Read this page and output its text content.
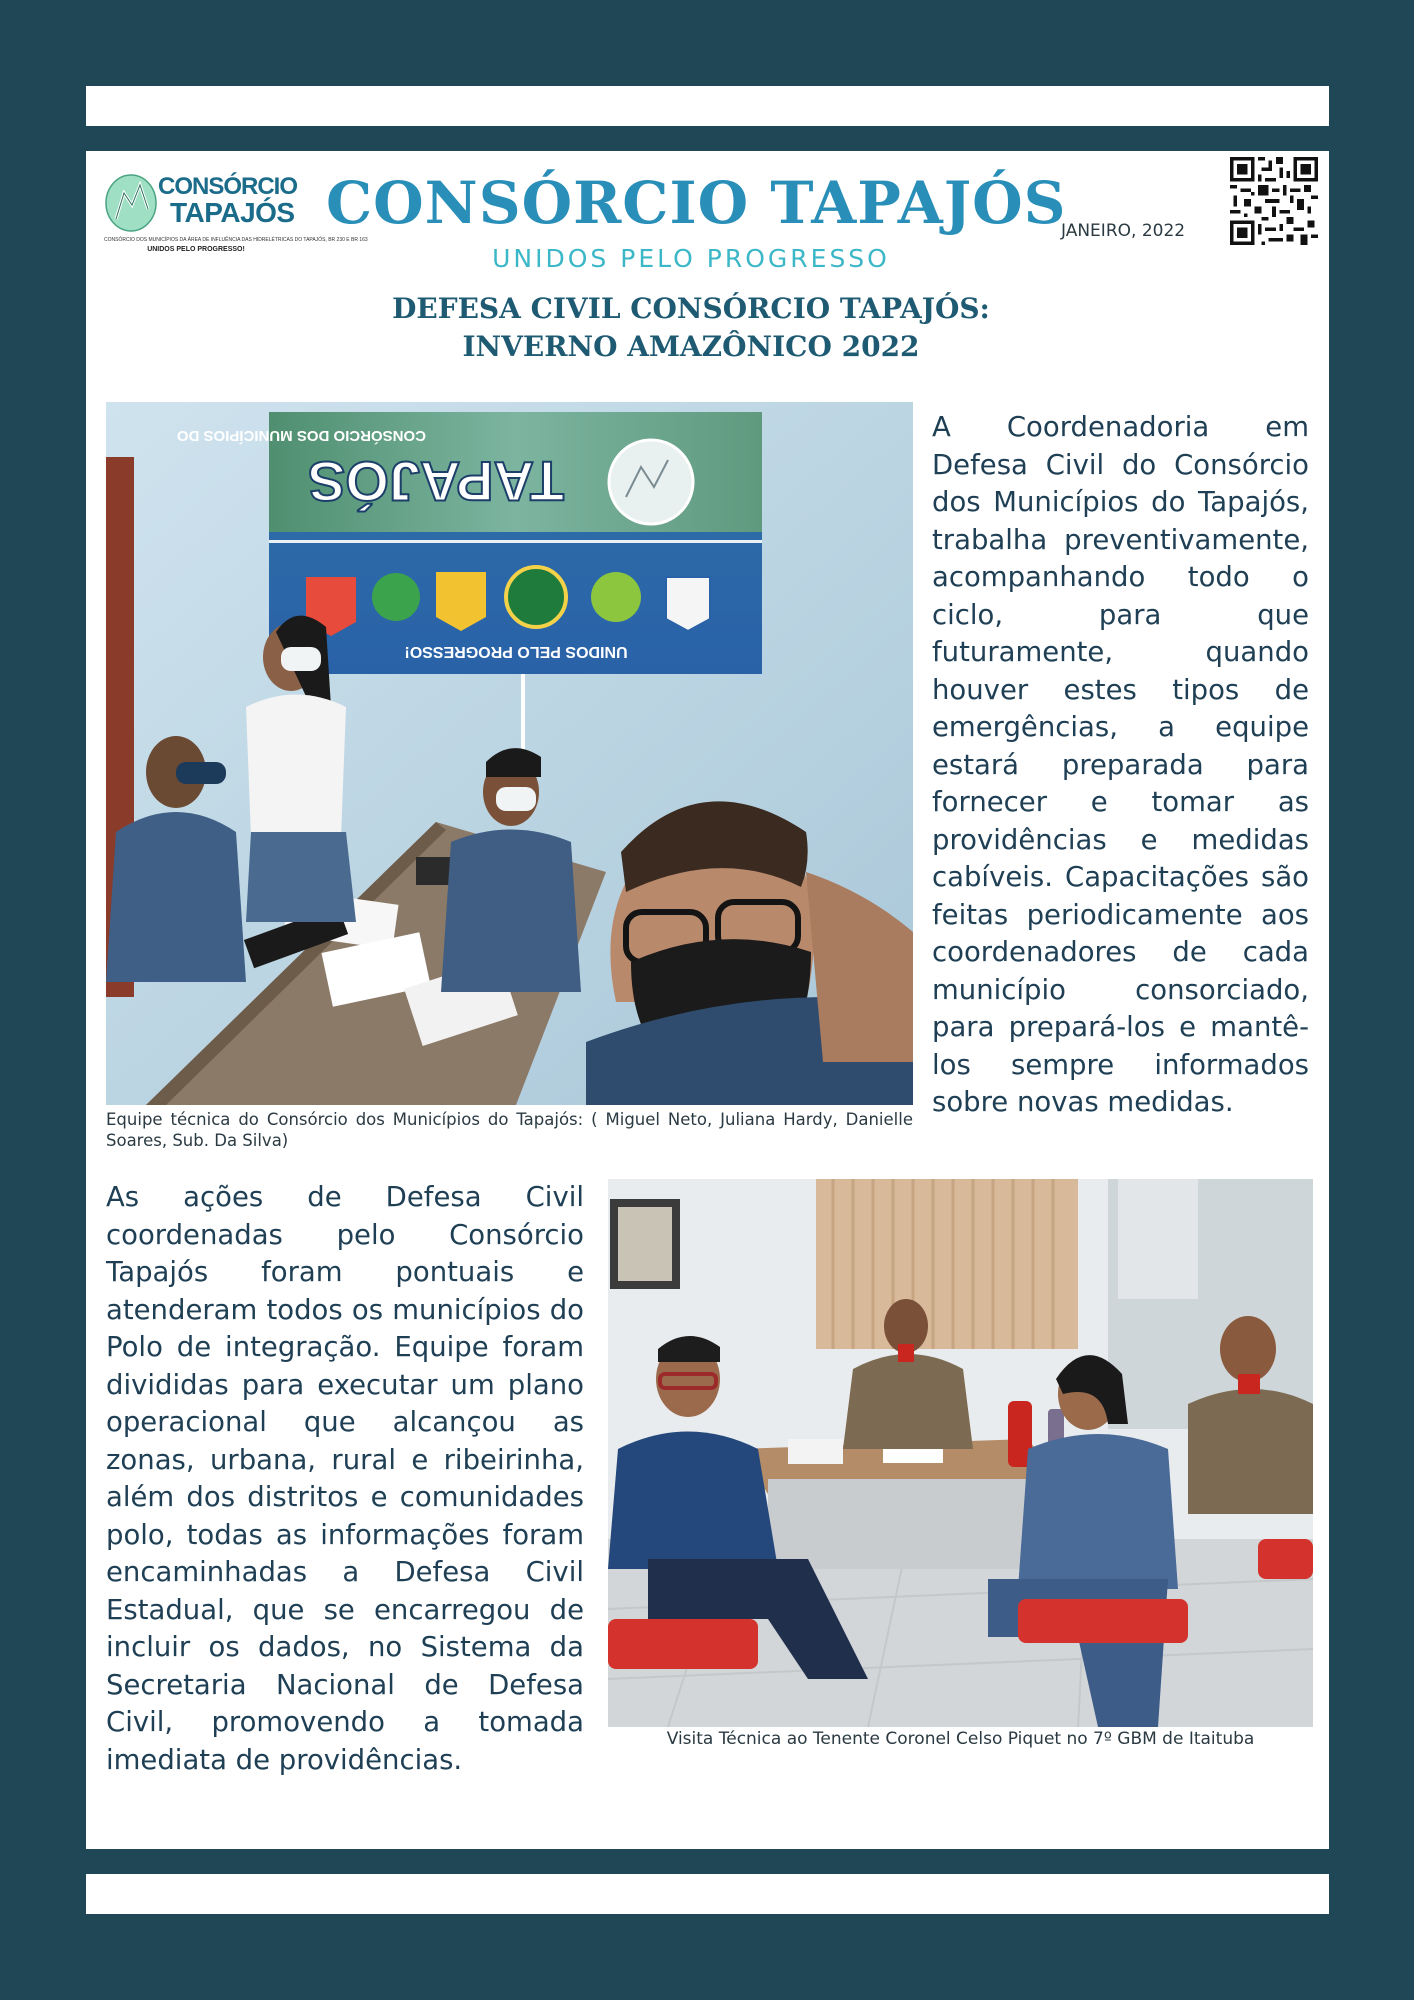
CONSÓRCIO
TAPAJÓS
CONSÓRCIO DOS MUNICÍPIOS DA ÁREA DE INFLUÊNCIA DAS HIDRELÉTRICAS DO TAPAJÓS, BR 230 E BR 163
UNIDOS PELO PROGRESSO!
CONSÓRCIO TAPAJÓS
UNIDOS PELO PROGRESSO
JANEIRO, 2022
DEFESA CIVIL CONSÓRCIO TAPAJÓS:
INVERNO AMAZÔNICO 2022
CONSÓRCIO DOS MUNICÍPIOS DO
TAPAJÓS
UNIDOS PELO PROGRESSO!
Equipe técnica do Consórcio dos Municípios do Tapajós: ( Miguel Neto, Juliana Hardy, Danielle Soares, Sub. Da Silva)
A Coordenadoria em Defesa Civil do Consórcio dos Municípios do Tapajós, trabalha preventivamente, acompanhando todo o ciclo, para que futuramente, quando houver estes tipos de emergências, a equipe estará preparada para fornecer e tomar as providências e medidas cabíveis. Capacitações são feitas periodicamente aos coordenadores de cada município consorciado, para prepará-los e mantê-los sempre informados sobre novas medidas.
As ações de Defesa Civil coordenadas pelo Consórcio Tapajós foram pontuais e atenderam todos os municípios do Polo de integração. Equipe foram divididas para executar um plano operacional que alcançou as zonas, urbana, rural e ribeirinha, além dos distritos e comunidades polo, todas as informações foram encaminhadas a Defesa Civil Estadual, que se encarregou de incluir os dados, no Sistema da Secretaria Nacional de Defesa Civil, promovendo a tomada imediata de providências.
Visita Técnica ao Tenente Coronel Celso Piquet no 7º GBM de Itaituba
